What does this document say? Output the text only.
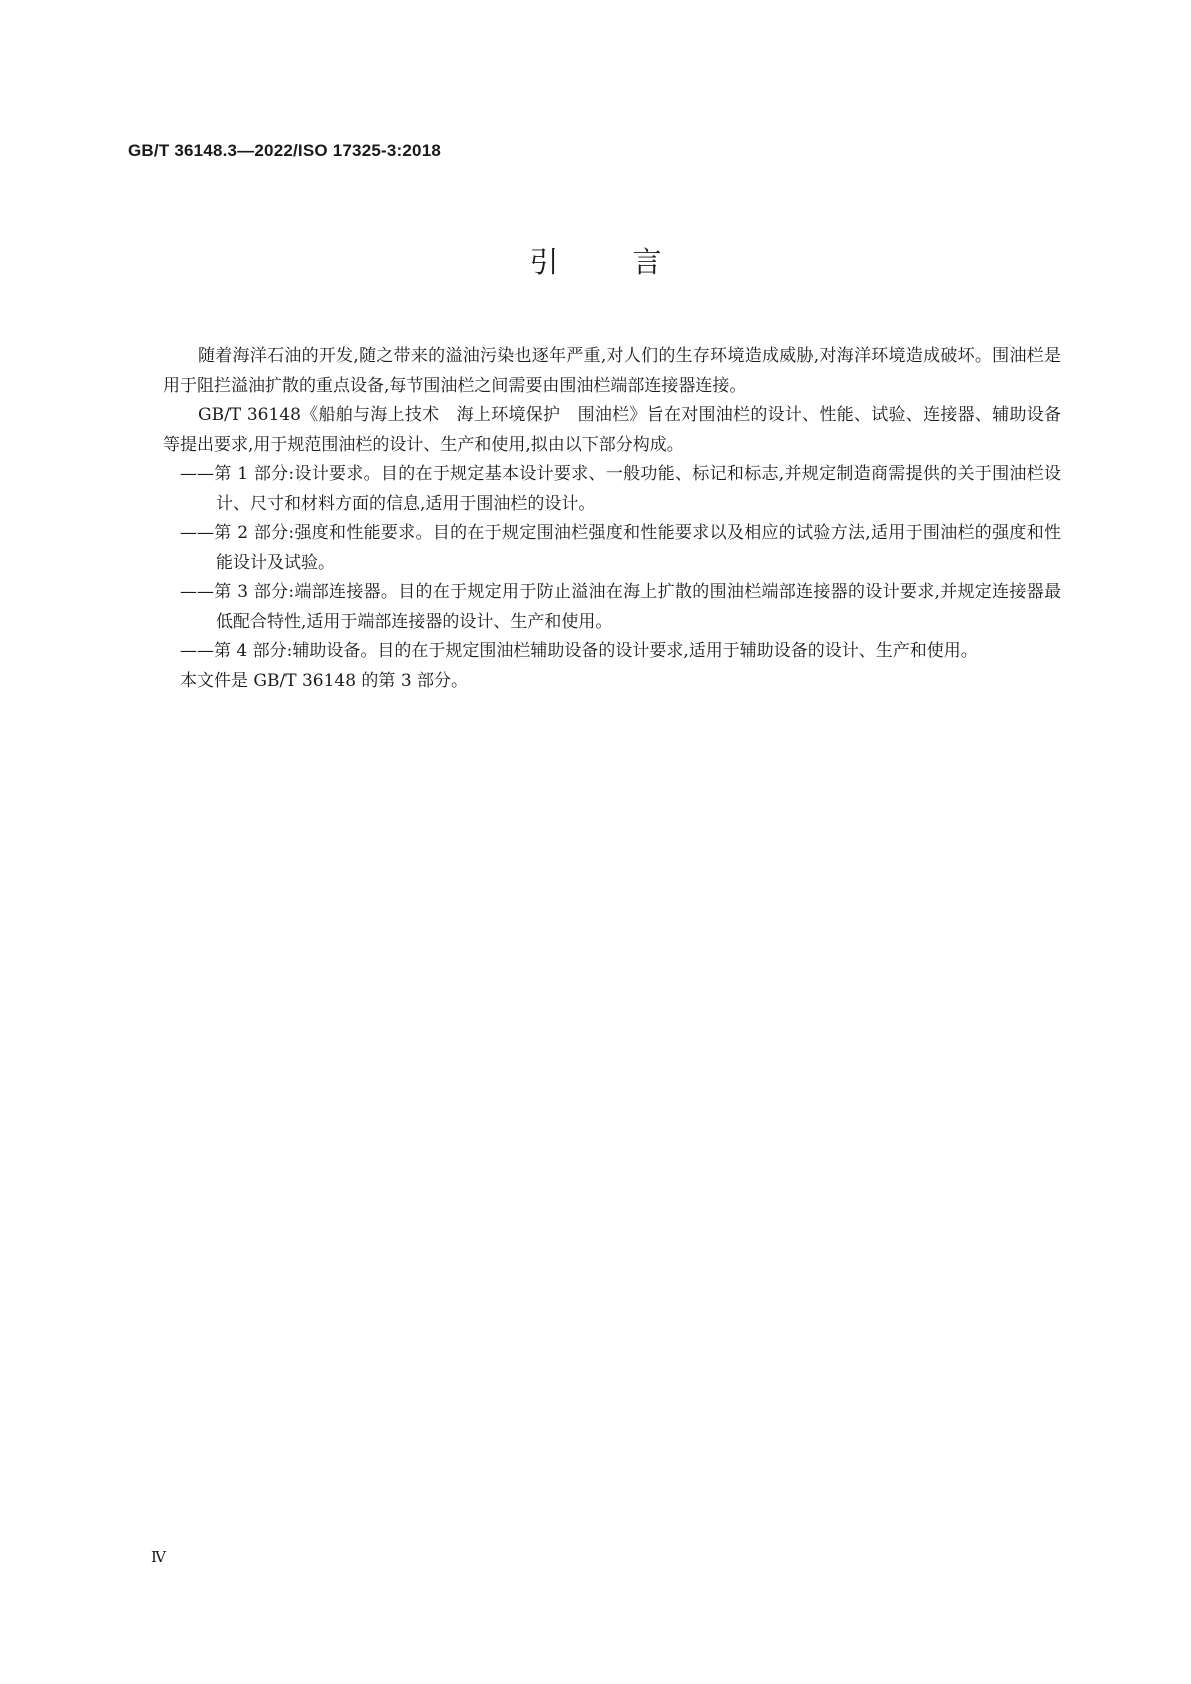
GB/T 36148.3—2022/ISO 17325-3:2018
引	言

随着海洋石油的开发,随之带来的溢油污染也逐年严重,对人们的生存环境造成威胁,对海洋环境造成破坏。围油栏是用于阻拦溢油扩散的重点设备,每节围油栏之间需要由围油栏端部连接器连接。

GB/T 36148《船舶与海上技术　海上环境保护　围油栏》旨在对围油栏的设计、性能、试验、连接器、辅助设备等提出要求,用于规范围油栏的设计、生产和使用,拟由以下部分构成。

——第 1 部分:设计要求。目的在于规定基本设计要求、一般功能、标记和标志,并规定制造商需提供的关于围油栏设计、尺寸和材料方面的信息,适用于围油栏的设计。

——第 2 部分:强度和性能要求。目的在于规定围油栏强度和性能要求以及相应的试验方法,适用于围油栏的强度和性能设计及试验。

——第 3 部分:端部连接器。目的在于规定用于防止溢油在海上扩散的围油栏端部连接器的设计要求,并规定连接器最低配合特性,适用于端部连接器的设计、生产和使用。

——第 4 部分:辅助设备。目的在于规定围油栏辅助设备的设计要求,适用于辅助设备的设计、生产和使用。

本文件是 GB/T 36148 的第 3 部分。

Ⅳ
